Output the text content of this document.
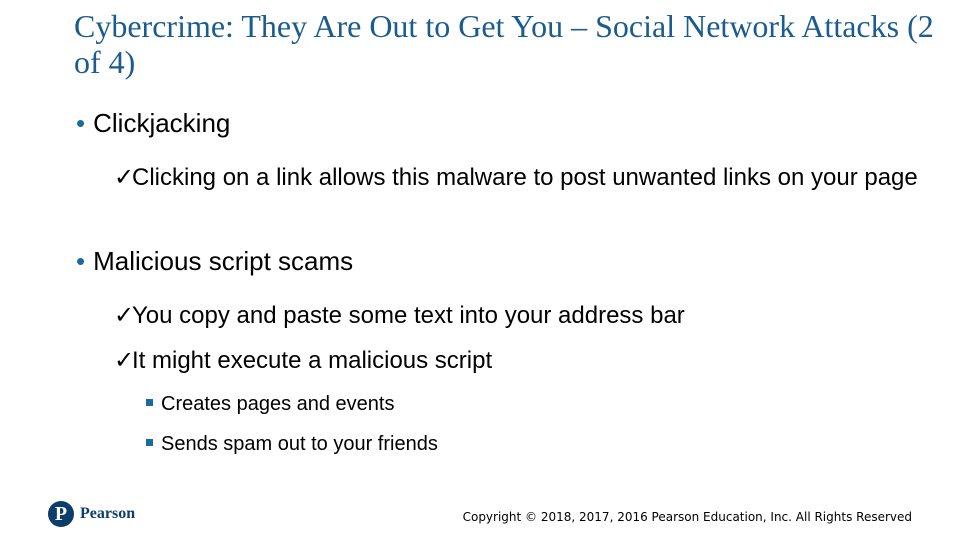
Cybercrime: They Are Out to Get You – Social Network Attacks (2 of 4)
• Clickjacking
✓Clicking on a link allows this malware to post unwanted links on your page
• Malicious script scams
✓You copy and paste some text into your address bar
✓It might execute a malicious script
Creates pages and events
Sends spam out to your friends
P Pearson	Copyright © 2018, 2017, 2016 Pearson Education, Inc. All Rights Reserved
